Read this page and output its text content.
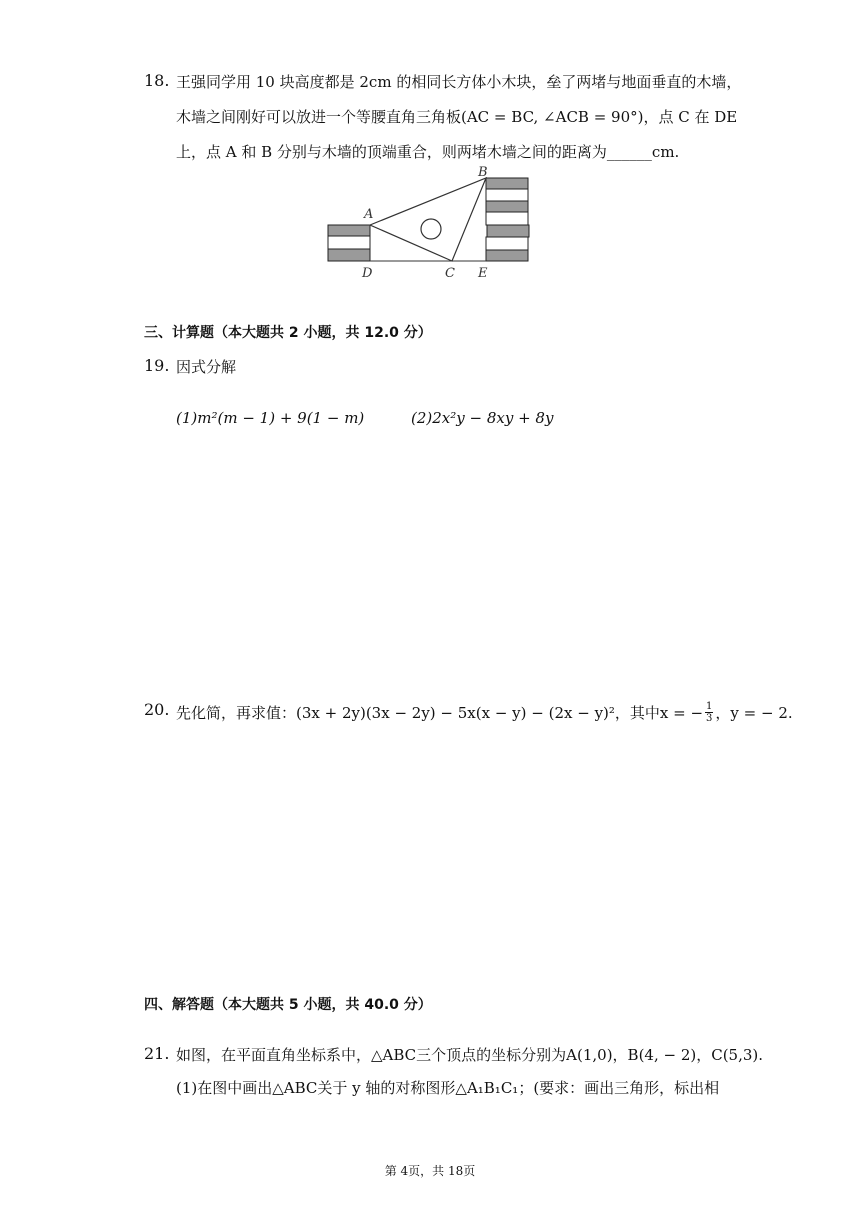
18. 王强同学用 10 块高度都是 2cm 的相同长方体小木块，垒了两堵与地面垂直的木墙，
木墙之间刚好可以放进一个等腰直角三角板(AC = BC, ∠ACB = 90°)，点 C 在 DE
上，点 A 和 B 分别与木墙的顶端重合，则两堵木墙之间的距离为______cm.
A
B
C
D	E
三、计算题（本大题共 2 小题，共 12.0 分）
19. 因式分解
(1)m²(m − 1) + 9(1 − m)	(2)2x²y − 8xy + 8y
20. 先化简，再求值：(3x + 2y)(3x − 2y) − 5x(x − y) − (2x − y)²，其中x = − $\frac{1}{3}$ ，y = − 2.
四、解答题（本大题共 5 小题，共 40.0 分）
21. 如图，在平面直角坐标系中，△ABC三个顶点的坐标分别为A(1,0)，B(4, − 2)，C(5,3).
(1)在图中画出△ABC关于 y 轴的对称图形△A₁B₁C₁；(要求：画出三角形，标出相
第 4页，共 18页
